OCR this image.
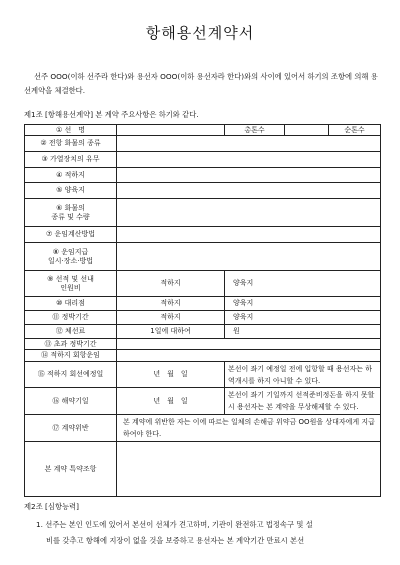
항해용선계약서
선주 OOO(이하 선주라 한다)와 용선자 OOO(이하 용선자라 한다)와의 사이에 있어서 하기의 조항에 의해 용선계약을 체결한다.
제1조 [항해용선계약] 본 계약 주요사항은 하기와 같다.
① 선　명		총톤수		순톤수
② 전항 화물의 종류				
③ 가열장치의 유무				
④ 적하지				
⑤ 양육지				
⑥ 화물의
종류 및 수량				
⑦ 운임계산방법				
⑧ 운임지급
일시·장소·방법				
⑨ 선적 및 선내
인원비	적하지	양육지		
⑩ 대리점	적하지	양육지		
⑪ 정박기간	적하지	양육지		
⑫ 체선료	1일에 대하여	원		
⑬ 초과 정박기간				
⑭ 적하지 회항운임				
⑮ 적하지 회선예정일	년　월　일	본선이 좌기 예정일 전에 입항할 때 용선자는 하역개시를 하지 아니할 수 있다.		
⑯ 해약기일	년　월　일	본선이 좌기 기일까지 선적준비정돈을 하지 못할 시 용선자는 본 계약을 무상해제할 수 있다.		
⑰ 계약위반	본 계약에 위반한 자는 이에 따르는 일체의 손해금 위약금 OO원을 상대자에게 지급하여야 한다.			
본 계약 특약조항				
제2조 [심항능력]
1. 선주는 본인 인도에 있어서 본선이 선체가 견고하며, 기관이 완전하고 법정속구 및 설
비를 갖추고 항해에 지장이 없을 것을 보증하고 용선자는 본 계약기간 만료시 본선
